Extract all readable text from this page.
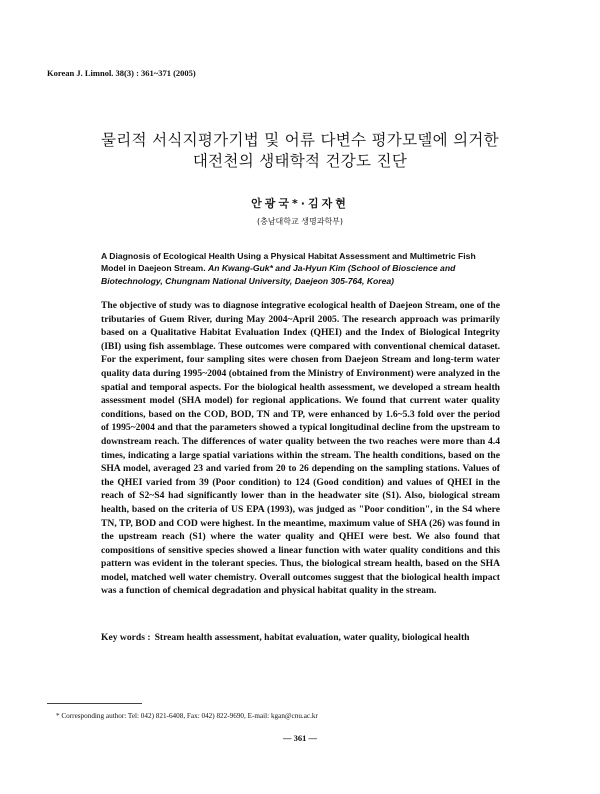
Korean J. Limnol. 38(3) : 361~371 (2005)
물리적 서식지평가기법 및 어류 다변수 평가모델에 의거한
대전천의 생태학적 건강도 진단
안광국*·김자현
(충남대학교 생명과학부)
A Diagnosis of Ecological Health Using a Physical Habitat Assessment and Multimetric Fish Model in Daejeon Stream. An Kwang-Guk* and Ja-Hyun Kim (School of Bioscience and Biotechnology, Chungnam National University, Daejeon 305-764, Korea)
The objective of study was to diagnose integrative ecological health of Daejeon Stream, one of the tributaries of Guem River, during May 2004~April 2005. The research approach was primarily based on a Qualitative Habitat Evaluation Index (QHEI) and the Index of Biological Integrity (IBI) using fish assemblage. These outcomes were compared with conventional chemical dataset. For the experiment, four sampling sites were chosen from Daejeon Stream and long-term water quality data during 1995~2004 (obtained from the Ministry of Environment) were analyzed in the spatial and temporal aspects. For the biological health assessment, we developed a stream health assessment model (SHA model) for regional applications. We found that current water quality conditions, based on the COD, BOD, TN and TP, were enhanced by 1.6~5.3 fold over the period of 1995~2004 and that the parameters showed a typical longitudinal decline from the upstream to downstream reach. The differences of water quality between the two reaches were more than 4.4 times, indicating a large spatial variations within the stream. The health conditions, based on the SHA model, averaged 23 and varied from 20 to 26 depending on the sampling stations. Values of the QHEI varied from 39 (Poor condition) to 124 (Good condition) and values of QHEI in the reach of S2~S4 had significantly lower than in the headwater site (S1). Also, biological stream health, based on the criteria of US EPA (1993), was judged as "Poor condition", in the S4 where TN, TP, BOD and COD were highest. In the meantime, maximum value of SHA (26) was found in the upstream reach (S1) where the water quality and QHEI were best. We also found that compositions of sensitive species showed a linear function with water quality conditions and this pattern was evident in the tolerant species. Thus, the biological stream health, based on the SHA model, matched well water chemistry. Overall outcomes suggest that the biological health impact was a function of chemical degradation and physical habitat quality in the stream.
Key words : Stream health assessment, habitat evaluation, water quality, biological health
* Corresponding author: Tel: 042) 821-6408, Fax: 042) 822-9690, E-mail: kgan@cnu.ac.kr
— 361 —
